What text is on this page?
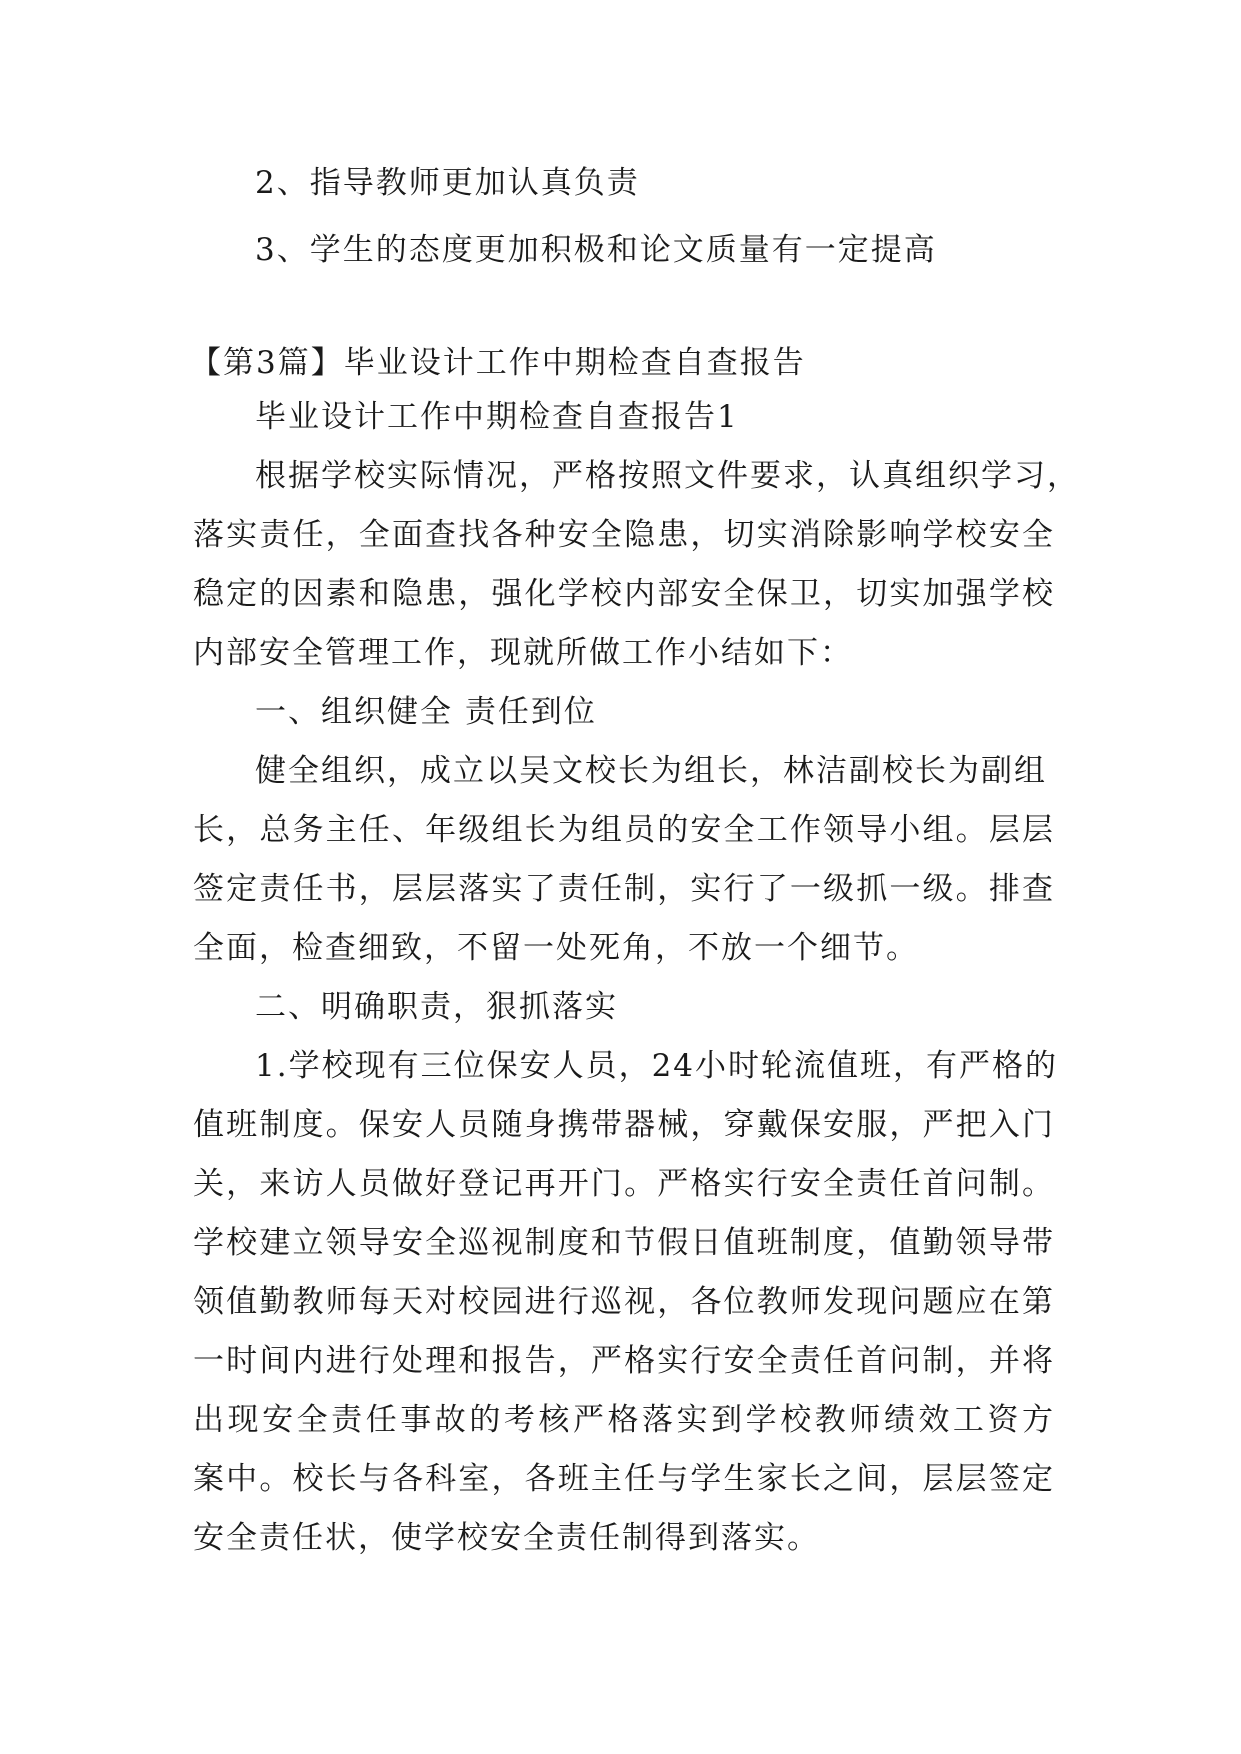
2、指导教师更加认真负责
3、学生的态度更加积极和论文质量有一定提高
【第3篇】毕业设计工作中期检查自查报告
毕业设计工作中期检查自查报告1
根据学校实际情况，严格按照文件要求，认真组织学习，
落实责任，全面查找各种安全隐患，切实消除影响学校安全
稳定的因素和隐患，强化学校内部安全保卫，切实加强学校
内部安全管理工作，现就所做工作小结如下：
一、组织健全 责任到位
健全组织，成立以吴文校长为组长，林洁副校长为副组
长，总务主任、年级组长为组员的安全工作领导小组。层层
签定责任书，层层落实了责任制，实行了一级抓一级。排查
全面，检查细致，不留一处死角，不放一个细节。
二、明确职责，狠抓落实
1.学校现有三位保安人员，24小时轮流值班，有严格的
值班制度。保安人员随身携带器械，穿戴保安服，严把入门
关，来访人员做好登记再开门。严格实行安全责任首问制。
学校建立领导安全巡视制度和节假日值班制度，值勤领导带
领值勤教师每天对校园进行巡视，各位教师发现问题应在第
一时间内进行处理和报告，严格实行安全责任首问制，并将
出现安全责任事故的考核严格落实到学校教师绩效工资方
案中。校长与各科室，各班主任与学生家长之间，层层签定
安全责任状，使学校安全责任制得到落实。
